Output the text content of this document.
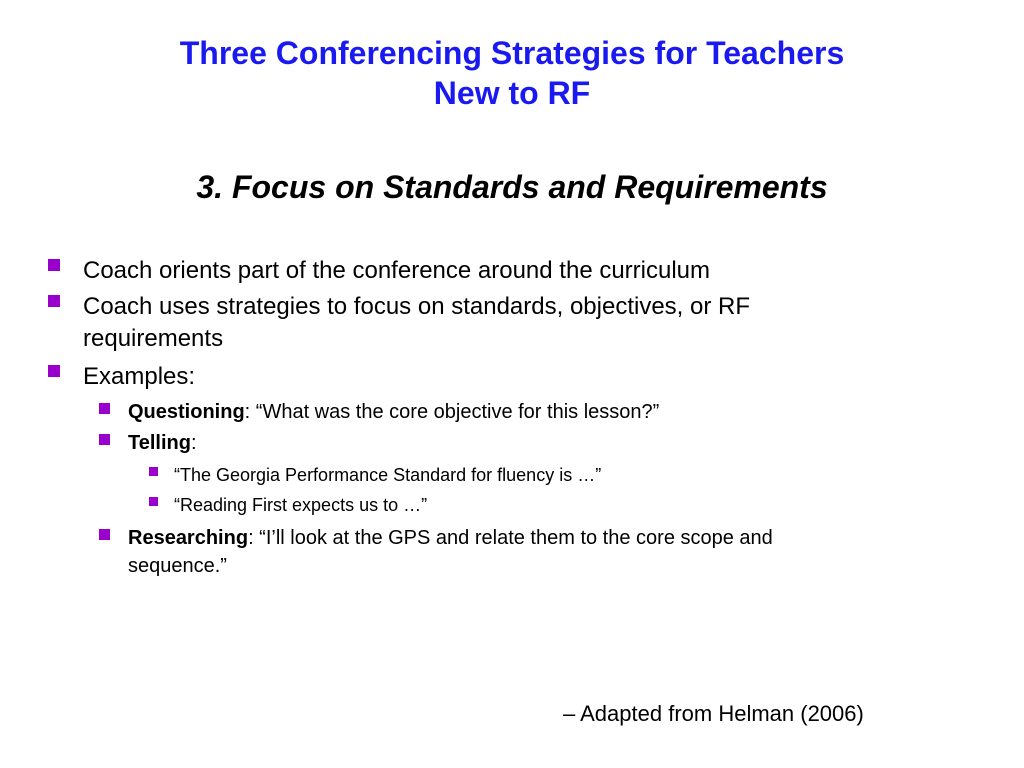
Three Conferencing Strategies for Teachers
New to RF
3. Focus on Standards and Requirements
Coach orients part of the conference around the curriculum
Coach uses strategies to focus on standards, objectives, or RF
requirements
Examples:
Questioning: “What was the core objective for this lesson?”
Telling:
“The Georgia Performance Standard for fluency is …”
“Reading First expects us to …”
Researching: “I’ll look at the GPS and relate them to the core scope and
sequence.”
– Adapted from Helman (2006)
